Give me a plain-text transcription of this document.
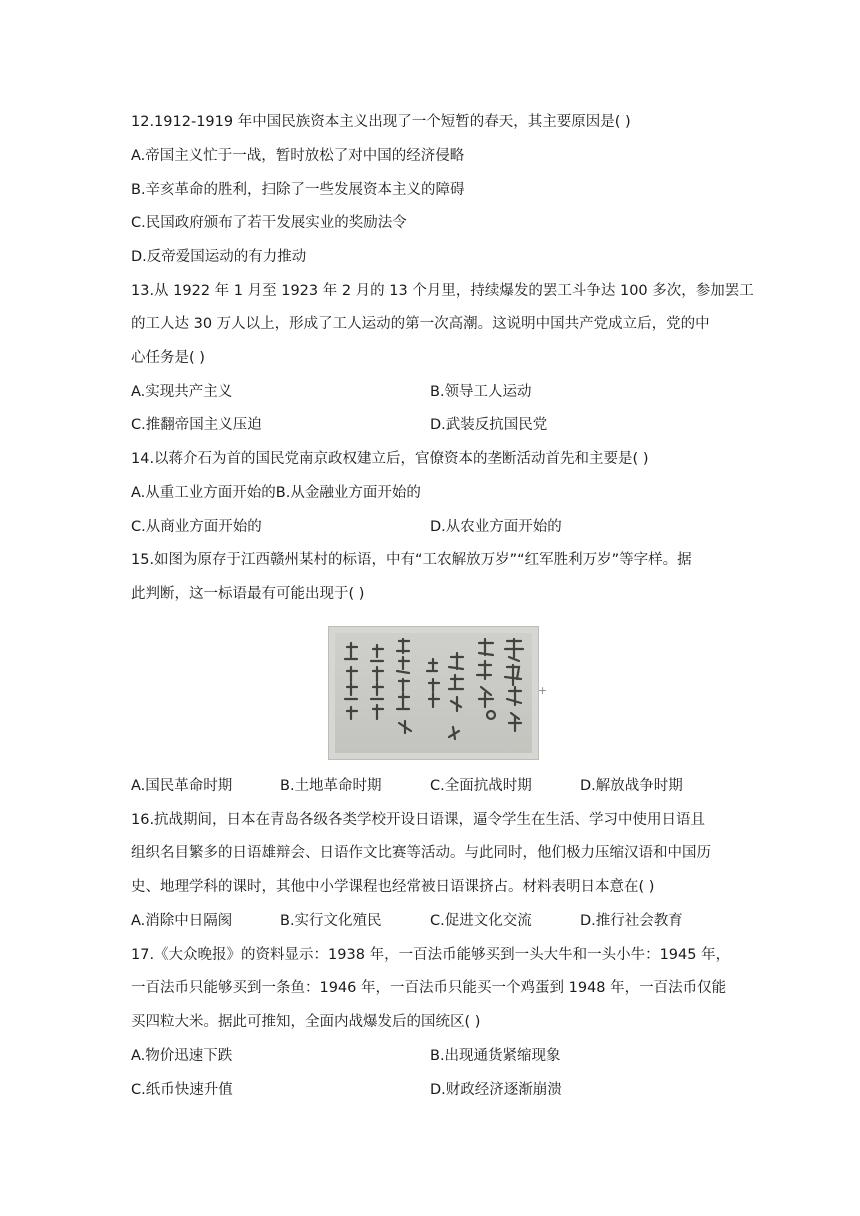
12.1912-1919 年中国民族资本主义出现了一个短暂的春天，其主要原因是( )
A.帝国主义忙于一战，暂时放松了对中国的经济侵略
B.辛亥革命的胜利，扫除了一些发展资本主义的障碍
C.民国政府颁布了若干发展实业的奖励法令
D.反帝爱国运动的有力推动
13.从 1922 年 1 月至 1923 年 2 月的 13 个月里，持续爆发的罢工斗争达 100 多次，参加罢工
的工人达 30 万人以上，形成了工人运动的第一次高潮。这说明中国共产党成立后，党的中
心任务是( )
A.实现共产主义	B.领导工人运动
C.推翻帝国主义压迫	D.武装反抗国民党
14.以蒋介石为首的国民党南京政权建立后，官僚资本的垄断活动首先和主要是( )
A.从重工业方面开始的B.从金融业方面开始的
C.从商业方面开始的	D.从农业方面开始的
15.如图为原存于江西赣州某村的标语，中有“工农解放万岁”“红军胜利万岁”等字样。据
此判断，这一标语最有可能出现于( )
+
A.国民革命时期	B.土地革命时期	C.全面抗战时期	D.解放战争时期
16.抗战期间，日本在青岛各级各类学校开设日语课，逼令学生在生活、学习中使用日语且
组织名目繁多的日语雄辩会、日语作文比赛等活动。与此同时，他们极力压缩汉语和中国历
史、地理学科的课时，其他中小学课程也经常被日语课挤占。材料表明日本意在( )
A.消除中日隔阂	B.实行文化殖民	C.促进文化交流	D.推行社会教育
17.《大众晚报》的资料显示：1938 年，一百法币能够买到一头大牛和一头小牛：1945 年，
一百法币只能够买到一条鱼：1946 年，一百法币只能买一个鸡蛋到 1948 年，一百法币仅能
买四粒大米。据此可推知，全面内战爆发后的国统区( )
A.物价迅速下跌	B.出现通货紧缩现象
C.纸币快速升值	D.财政经济逐渐崩溃
